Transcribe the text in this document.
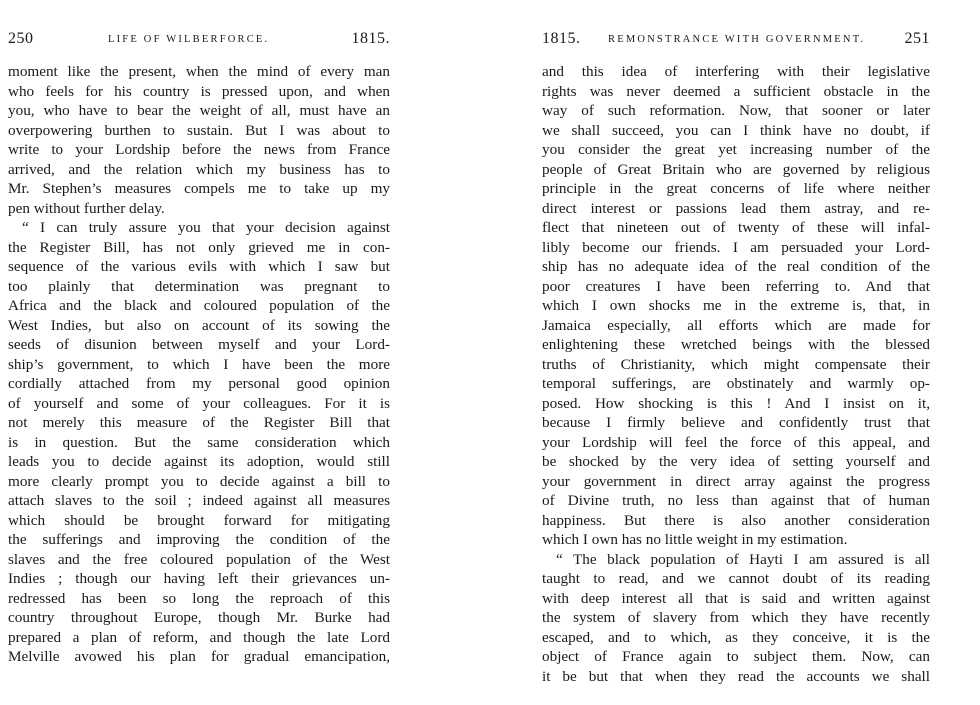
250	LIFE OF WILBERFORCE.	1815.
moment like the present, when the mind of every man
who feels for his country is pressed upon, and when
you, who have to bear the weight of all, must have an
overpowering burthen to sustain. But I was about to
write to your Lordship before the news from France
arrived, and the relation which my business has to
Mr. Stephen’s measures compels me to take up my
pen without further delay.
“ I can truly assure you that your decision against
the Register Bill, has not only grieved me in con-
sequence of the various evils with which I saw but
too plainly that determination was pregnant to
Africa and the black and coloured population of the
West Indies, but also on account of its sowing the
seeds of disunion between myself and your Lord-
ship’s government, to which I have been the more
cordially attached from my personal good opinion
of yourself and some of your colleagues. For it is
not merely this measure of the Register Bill that
is in question. But the same consideration which
leads you to decide against its adoption, would still
more clearly prompt you to decide against a bill to
attach slaves to the soil ; indeed against all measures
which should be brought forward for mitigating
the sufferings and improving the condition of the
slaves and the free coloured population of the West
Indies ; though our having left their grievances un-
redressed has been so long the reproach of this
country throughout Europe, though Mr. Burke had
prepared a plan of reform, and though the late Lord
Melville avowed his plan for gradual emancipation,
1815.	REMONSTRANCE WITH GOVERNMENT. 251
and this idea of interfering with their legislative
rights was never deemed a sufficient obstacle in the
way of such reformation. Now, that sooner or later
we shall succeed, you can I think have no doubt, if
you consider the great yet increasing number of the
people of Great Britain who are governed by religious
principle in the great concerns of life where neither
direct interest or passions lead them astray, and re-
flect that nineteen out of twenty of these will infal-
libly become our friends. I am persuaded your Lord-
ship has no adequate idea of the real condition of the
poor creatures I have been referring to. And that
which I own shocks me in the extreme is, that, in
Jamaica especially, all efforts which are made for
enlightening these wretched beings with the blessed
truths of Christianity, which might compensate their
temporal sufferings, are obstinately and warmly op-
posed. How shocking is this ! And I insist on it,
because I firmly believe and confidently trust that
your Lordship will feel the force of this appeal, and
be shocked by the very idea of setting yourself and
your government in direct array against the progress
of Divine truth, no less than against that of human
happiness. But there is also another consideration
which I own has no little weight in my estimation.
“ The black population of Hayti I am assured is all
taught to read, and we cannot doubt of its reading
with deep interest all that is said and written against
the system of slavery from which they have recently
escaped, and to which, as they conceive, it is the
object of France again to subject them. Now, can
it be but that when they read the accounts we shall
